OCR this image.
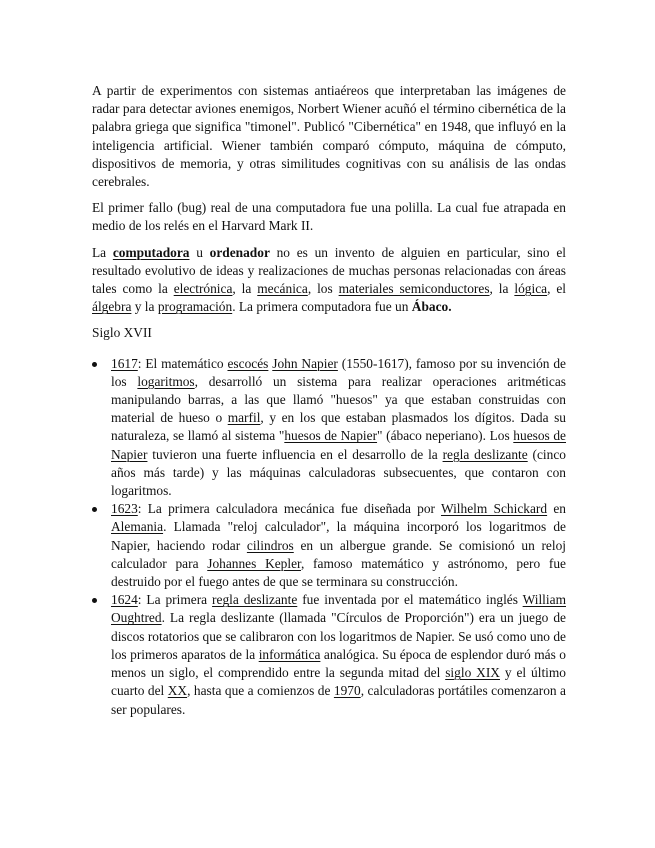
A partir de experimentos con sistemas antiaéreos que interpretaban las imágenes de radar para detectar aviones enemigos, Norbert Wiener acuñó el término cibernética de la palabra griega que significa "timonel". Publicó "Cibernética" en 1948, que influyó en la inteligencia artificial. Wiener también comparó cómputo, máquina de cómputo, dispositivos de memoria, y otras similitudes cognitivas con su análisis de las ondas cerebrales.

El primer fallo (bug) real de una computadora fue una polilla. La cual fue atrapada en medio de los relés en el Harvard Mark II.

La computadora u ordenador no es un invento de alguien en particular, sino el resultado evolutivo de ideas y realizaciones de muchas personas relacionadas con áreas tales como la electrónica, la mecánica, los materiales semiconductores, la lógica, el álgebra y la programación. La primera computadora fue un Ábaco.

Siglo XVII

1617: El matemático escocés John Napier (1550-1617), famoso por su invención de los logaritmos, desarrolló un sistema para realizar operaciones aritméticas manipulando barras, a las que llamó "huesos" ya que estaban construidas con material de hueso o marfil, y en los que estaban plasmados los dígitos. Dada su naturaleza, se llamó al sistema "huesos de Napier" (ábaco neperiano). Los huesos de Napier tuvieron una fuerte influencia en el desarrollo de la regla deslizante (cinco años más tarde) y las máquinas calculadoras subsecuentes, que contaron con logaritmos.
1623: La primera calculadora mecánica fue diseñada por Wilhelm Schickard en Alemania. Llamada "reloj calculador", la máquina incorporó los logaritmos de Napier, haciendo rodar cilindros en un albergue grande. Se comisionó un reloj calculador para Johannes Kepler, famoso matemático y astrónomo, pero fue destruido por el fuego antes de que se terminara su construcción.
1624: La primera regla deslizante fue inventada por el matemático inglés William Oughtred. La regla deslizante (llamada "Círculos de Proporción") era un juego de discos rotatorios que se calibraron con los logaritmos de Napier. Se usó como uno de los primeros aparatos de la informática analógica. Su época de esplendor duró más o menos un siglo, el comprendido entre la segunda mitad del siglo XIX y el último cuarto del XX, hasta que a comienzos de 1970, calculadoras portátiles comenzaron a ser populares.
